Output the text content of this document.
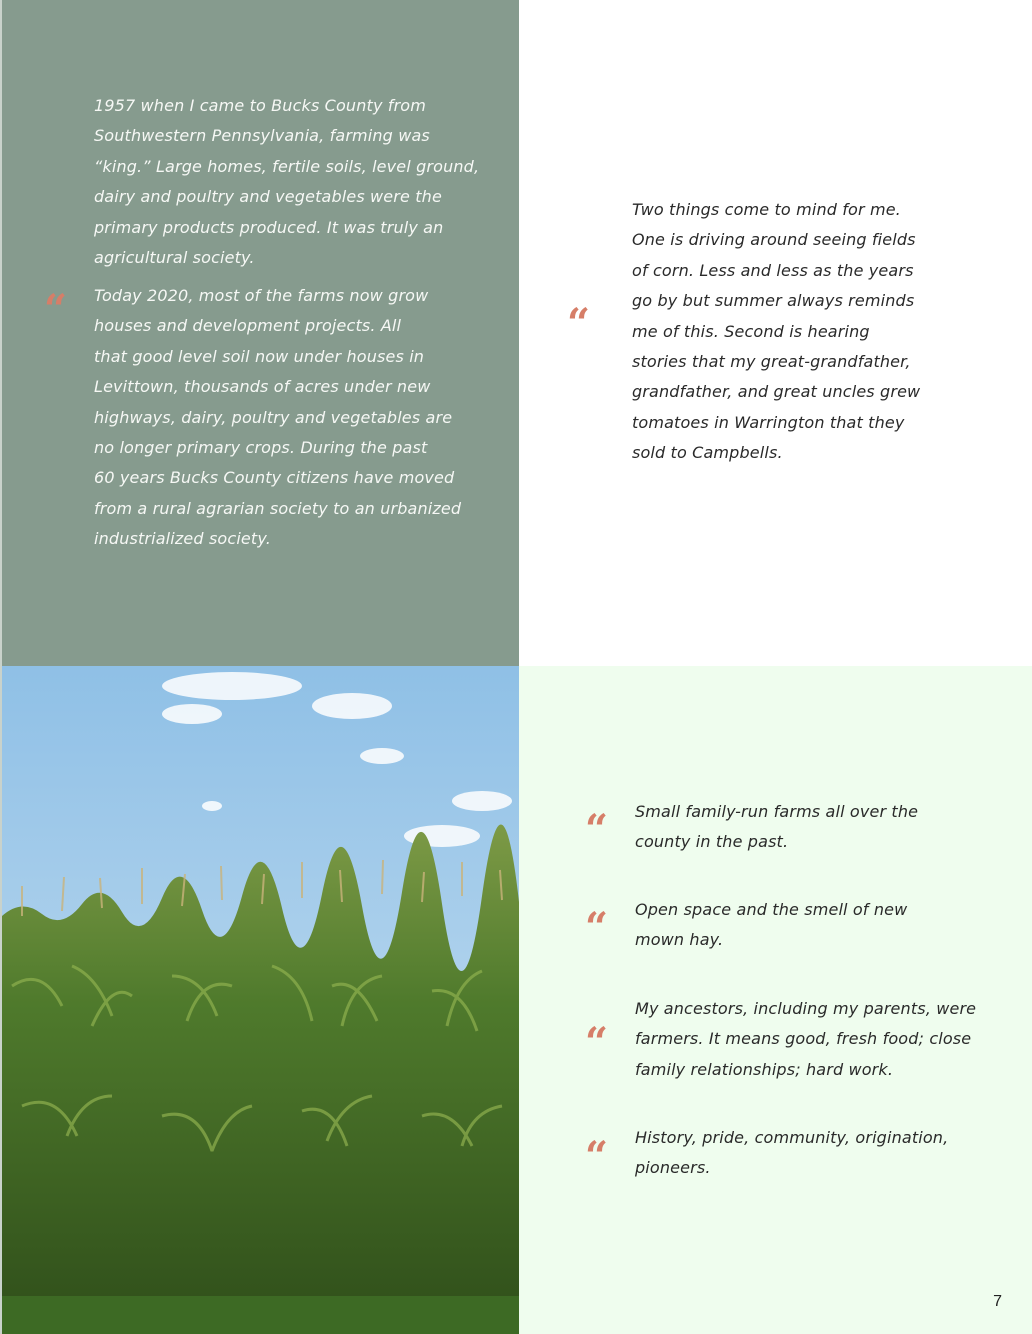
“

1957 when I came to Bucks County from
Southwestern Pennsylvania, farming was
“king.” Large homes, fertile soils, level ground,
dairy and poultry and vegetables were the
primary products produced. It was truly an
agricultural society.

Today 2020, most of the farms now grow
houses and development projects. All
that good level soil now under houses in
Levittown, thousands of acres under new
highways, dairy, poultry and vegetables are
no longer primary crops. During the past
60 years Bucks County citizens have moved
from a rural agrarian society to an urbanized
industrialized society.

“

Two things come to mind for me.
One is driving around seeing fields
of corn. Less and less as the years
go by but summer always reminds
me of this. Second is hearing
stories that my great-grandfather,
grandfather, and great uncles grew
tomatoes in Warrington that they
sold to Campbells.

“ Small family-run farms all over the
county in the past.

“ Open space and the smell of new
mown hay.

“

My ancestors, including my parents, were
farmers. It means good, fresh food; close
family relationships; hard work.

“ History, pride, community, origination,
pioneers.

7
